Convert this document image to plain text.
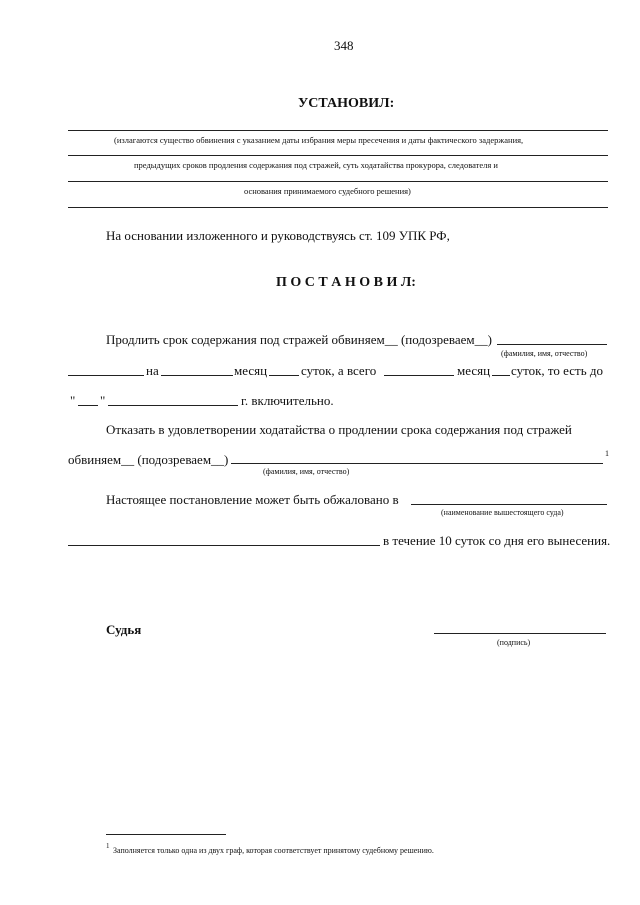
348
УСТАНОВИЛ:
(излагаются существо обвинения с указанием даты избрания меры пресечения и даты фактического задержания,
предыдущих сроков продления содержания под стражей, суть ходатайства прокурора, следователя и
основания принимаемого судебного решения)
На основании изложенного и руководствуясь ст. 109 УПК РФ,
П О С Т А Н О В И Л:
Продлить срок содержания под стражей обвиняем__ (подозреваем__)
(фамилия, имя, отчество)
на	месяц	суток, а всего	месяц суток, то есть до
" "	г. включительно.
Отказать в удовлетворении ходатайства о продлении срока содержания под стражей
обвиняем__ (подозреваем__)	1
(фамилия, имя, отчество)
Настоящее постановление может быть обжаловано в
(наименование вышестоящего суда)
в течение 10 суток со дня его вынесения.
Судья
(подпись)
1 Заполняется только одна из двух граф, которая соответствует принятому судебному решению.
